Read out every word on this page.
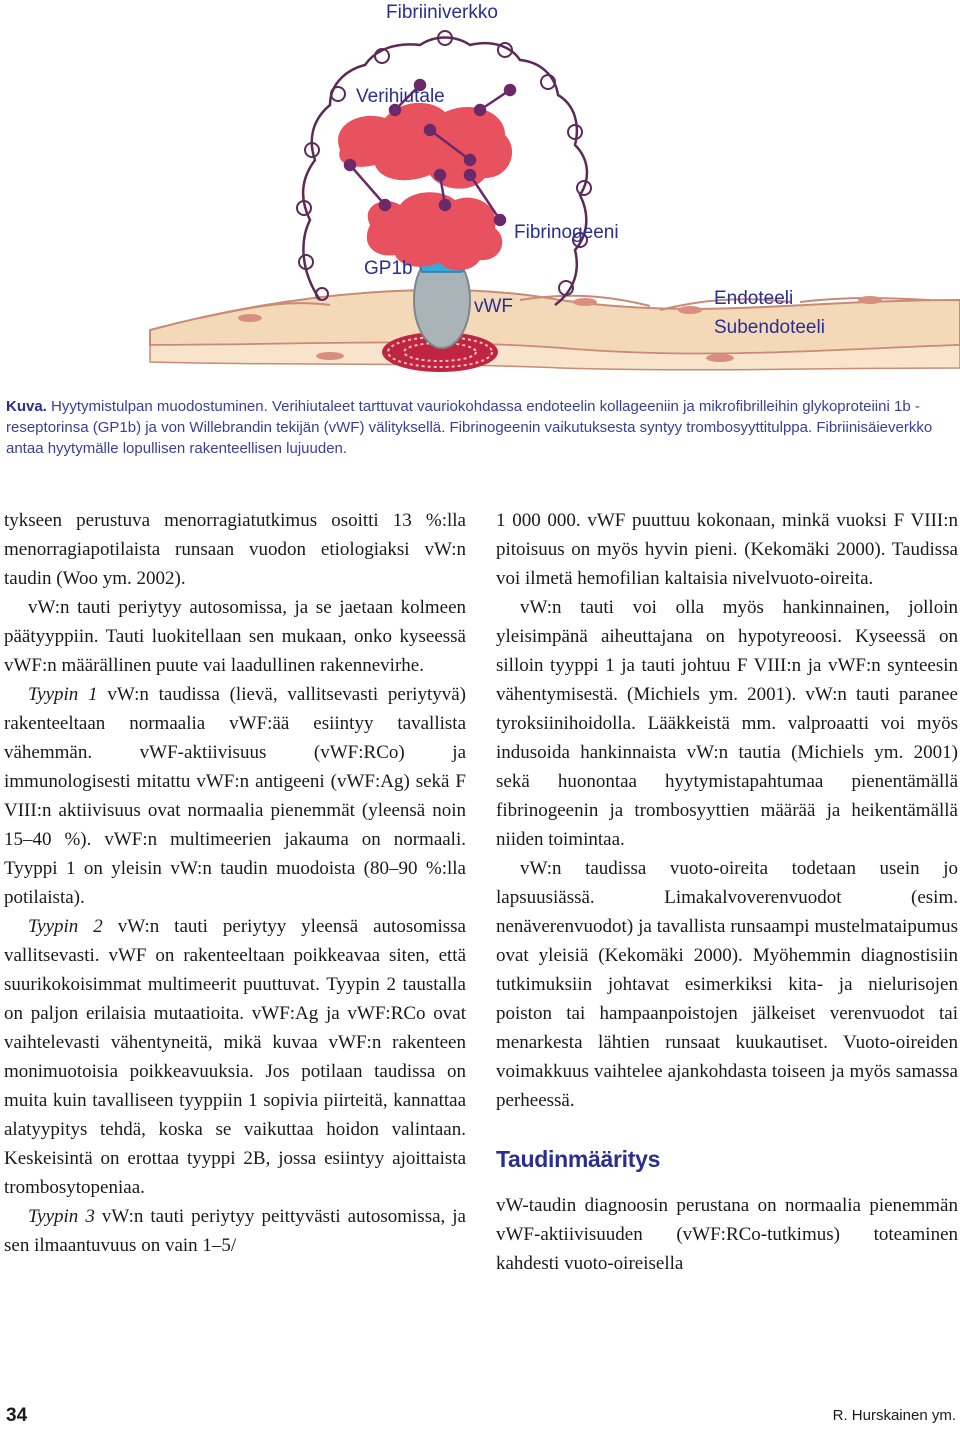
Fibriiniverkko

Verihiutale

Fibrinogeeni

GP1b

vWF	Endoteeli

Subendoteeli

Kuva. Hyytymistulpan muodostuminen. Verihiutaleet tarttuvat vauriokohdassa endoteelin kollageeniin ja mikrofibrilleihin glykoproteiini 1b -reseptorinsa (GP1b) ja von Willebrandin tekijän (vWF) välityksellä. Fibrinogeenin vaikutuksesta syntyy trombosyyttitulppa. Fibriinisäieverkko antaa hyytymälle lopullisen rakenteellisen lujuuden.

tykseen perustuva menorragiatutkimus osoitti 13 %:lla menorragiapotilaista runsaan vuodon etiologiaksi vW:n taudin (Woo ym. 2002).

vW:n tauti periytyy autosomissa, ja se jaetaan kolmeen päätyyppiin. Tauti luokitellaan sen mukaan, onko kyseessä vWF:n määrällinen puute vai laadullinen rakennevirhe.

Tyypin 1 vW:n taudissa (lievä, vallitsevasti periytyvä) rakenteeltaan normaalia vWF:ää esiintyy tavallista vähemmän. vWF-aktiivisuus (vWF:RCo) ja immunologisesti mitattu vWF:n antigeeni (vWF:Ag) sekä F VIII:n aktiivisuus ovat normaalia pienemmät (yleensä noin 15–40 %). vWF:n multimeerien jakauma on normaali. Tyyppi 1 on yleisin vW:n taudin muodoista (80–90 %:lla potilaista).

Tyypin 2 vW:n tauti periytyy yleensä autosomissa vallitsevasti. vWF on rakenteeltaan poikkeavaa siten, että suurikokoisimmat multimeerit puuttuvat. Tyypin 2 taustalla on paljon erilaisia mutaatioita. vWF:Ag ja vWF:RCo ovat vaihtelevasti vähentyneitä, mikä kuvaa vWF:n rakenteen monimuotoisia poikkeavuuksia. Jos potilaan taudissa on muita kuin tavalliseen tyyppiin 1 sopivia piirteitä, kannattaa alatyypitys tehdä, koska se vaikuttaa hoidon valintaan. Keskeisintä on erottaa tyyppi 2B, jossa esiintyy ajoittaista trombosytopeniaa.

Tyypin 3 vW:n tauti periytyy peittyvästi autosomissa, ja sen ilmaantuvuus on vain 1–5/

1 000 000. vWF puuttuu kokonaan, minkä vuoksi F VIII:n pitoisuus on myös hyvin pieni. (Kekomäki 2000). Taudissa voi ilmetä hemofilian kaltaisia nivelvuoto-oireita.

vW:n tauti voi olla myös hankinnainen, jolloin yleisimpänä aiheuttajana on hypotyreoosi. Kyseessä on silloin tyyppi 1 ja tauti johtuu F VIII:n ja vWF:n synteesin vähentymisestä. (Michiels ym. 2001). vW:n tauti paranee tyroksiinihoidolla. Lääkkeistä mm. valproaatti voi myös indusoida hankinnaista vW:n tautia (Michiels ym. 2001) sekä huonontaa hyytymistapahtumaa pienentämällä fibrinogeenin ja trombosyyttien määrää ja heikentämällä niiden toimintaa.

vW:n taudissa vuoto-oireita todetaan usein jo lapsuusiässä. Limakalvoverenvuodot (esim. nenäverenvuodot) ja tavallista runsaampi mustelmataipumus ovat yleisiä (Kekomäki 2000). Myöhemmin diagnostisiin tutkimuksiin johtavat esimerkiksi kita- ja nielurisojen poiston tai hampaanpoistojen jälkeiset verenvuodot tai menarkesta lähtien runsaat kuukautiset. Vuoto-oireiden voimakkuus vaihtelee ajankohdasta toiseen ja myös samassa perheessä.

Taudinmääritys

vW-taudin diagnoosin perustana on normaalia pienemmän vWF-aktiivisuuden (vWF:RCo-tutkimus) toteaminen kahdesti vuoto-oireisella

34	R. Hurskainen ym.
